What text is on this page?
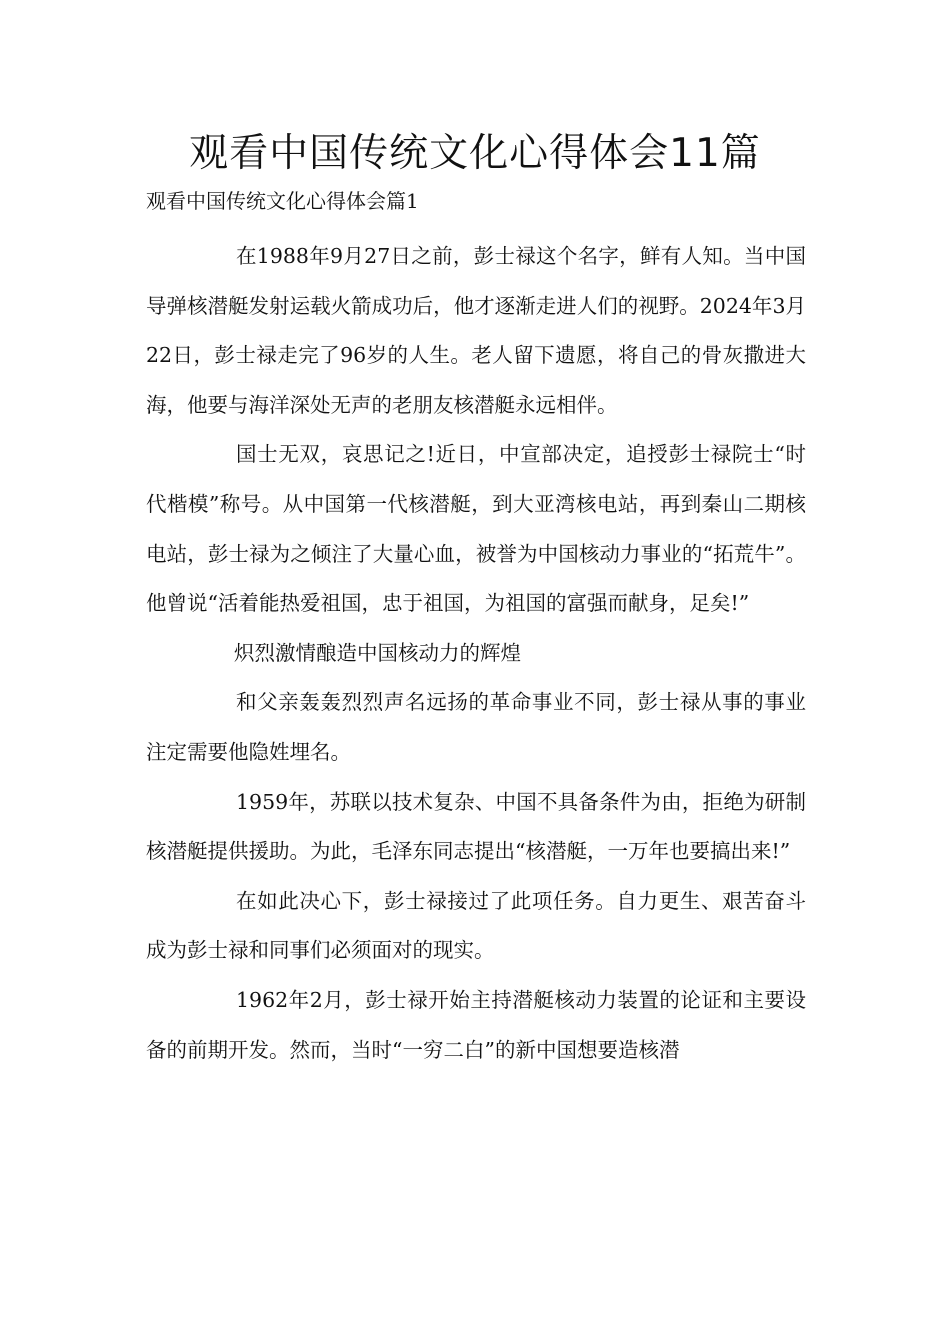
观看中国传统文化心得体会11篇

观看中国传统文化心得体会篇1

在1988年9月27日之前，彭士禄这个名字，鲜有人知。当中国导弹核潜艇发射运载火箭成功后，他才逐渐走进人们的视野。2024年3月22日，彭士禄走完了96岁的人生。老人留下遗愿，将自己的骨灰撒进大海，他要与海洋深处无声的老朋友核潜艇永远相伴。

国士无双，哀思记之!近日，中宣部决定，追授彭士禄院士“时代楷模”称号。从中国第一代核潜艇，到大亚湾核电站，再到秦山二期核电站，彭士禄为之倾注了大量心血，被誉为中国核动力事业的“拓荒牛”。他曾说“活着能热爱祖国，忠于祖国，为祖国的富强而献身，足矣!”

炽烈激情酿造中国核动力的辉煌

和父亲轰轰烈烈声名远扬的革命事业不同，彭士禄从事的事业注定需要他隐姓埋名。

1959年，苏联以技术复杂、中国不具备条件为由，拒绝为研制核潜艇提供援助。为此，毛泽东同志提出“核潜艇，一万年也要搞出来!”

在如此决心下，彭士禄接过了此项任务。自力更生、艰苦奋斗成为彭士禄和同事们必须面对的现实。

1962年2月，彭士禄开始主持潜艇核动力装置的论证和主要设备的前期开发。然而，当时“一穷二白”的新中国想要造核潜
